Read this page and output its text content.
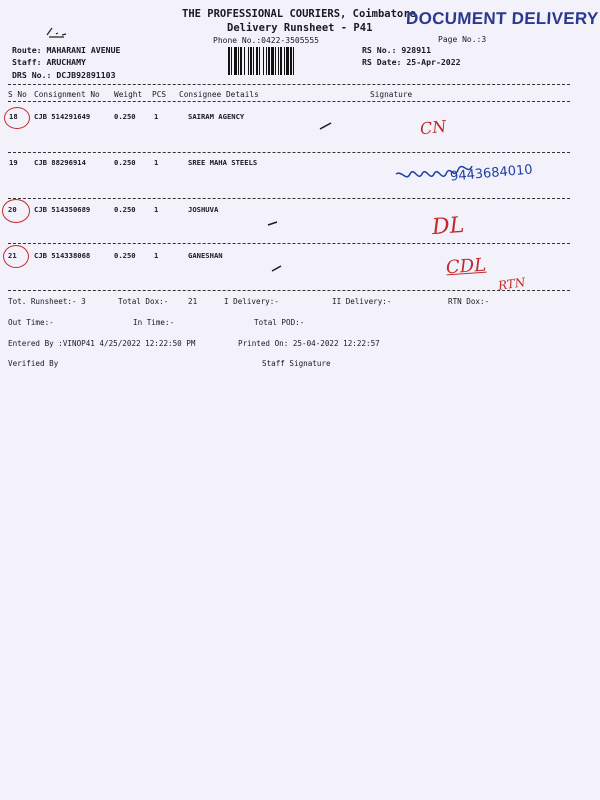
THE PROFESSIONAL COURIERS, Coimbatore
Delivery Runsheet - P41
Phone No.:0422-3505555
DOCUMENT DELIVERY
Page No.:3
Route: MAHARANI AVENUE
Staff: ARUCHAMY
DRS No.: DCJB92891103
RS No.: 928911
RS Date: 25-Apr-2022
S No Consignment No Weight PCS Consignee Details	Signature
18 CJB 514291649	0.250	1	SAIRAM AGENCY
CN
19 CJB 88296914	0.250	1	SREE MAHA STEELS	9443684010
20 CJB 514350689	0.250	1	JOSHUVA
DL
21 CJB 514338068	0.250	1	GANESHAN	CDL
RTN
Tot. Runsheet:- 3	Total Dox:-	21	I Delivery:-	II Delivery:-	RTN Dox:-
Out Time:-	In Time:-	Total POD:-
Entered By :VINOP41 4/25/2022 12:22:50 PM	Printed On: 25-04-2022 12:22:57
Verified By	Staff Signature
